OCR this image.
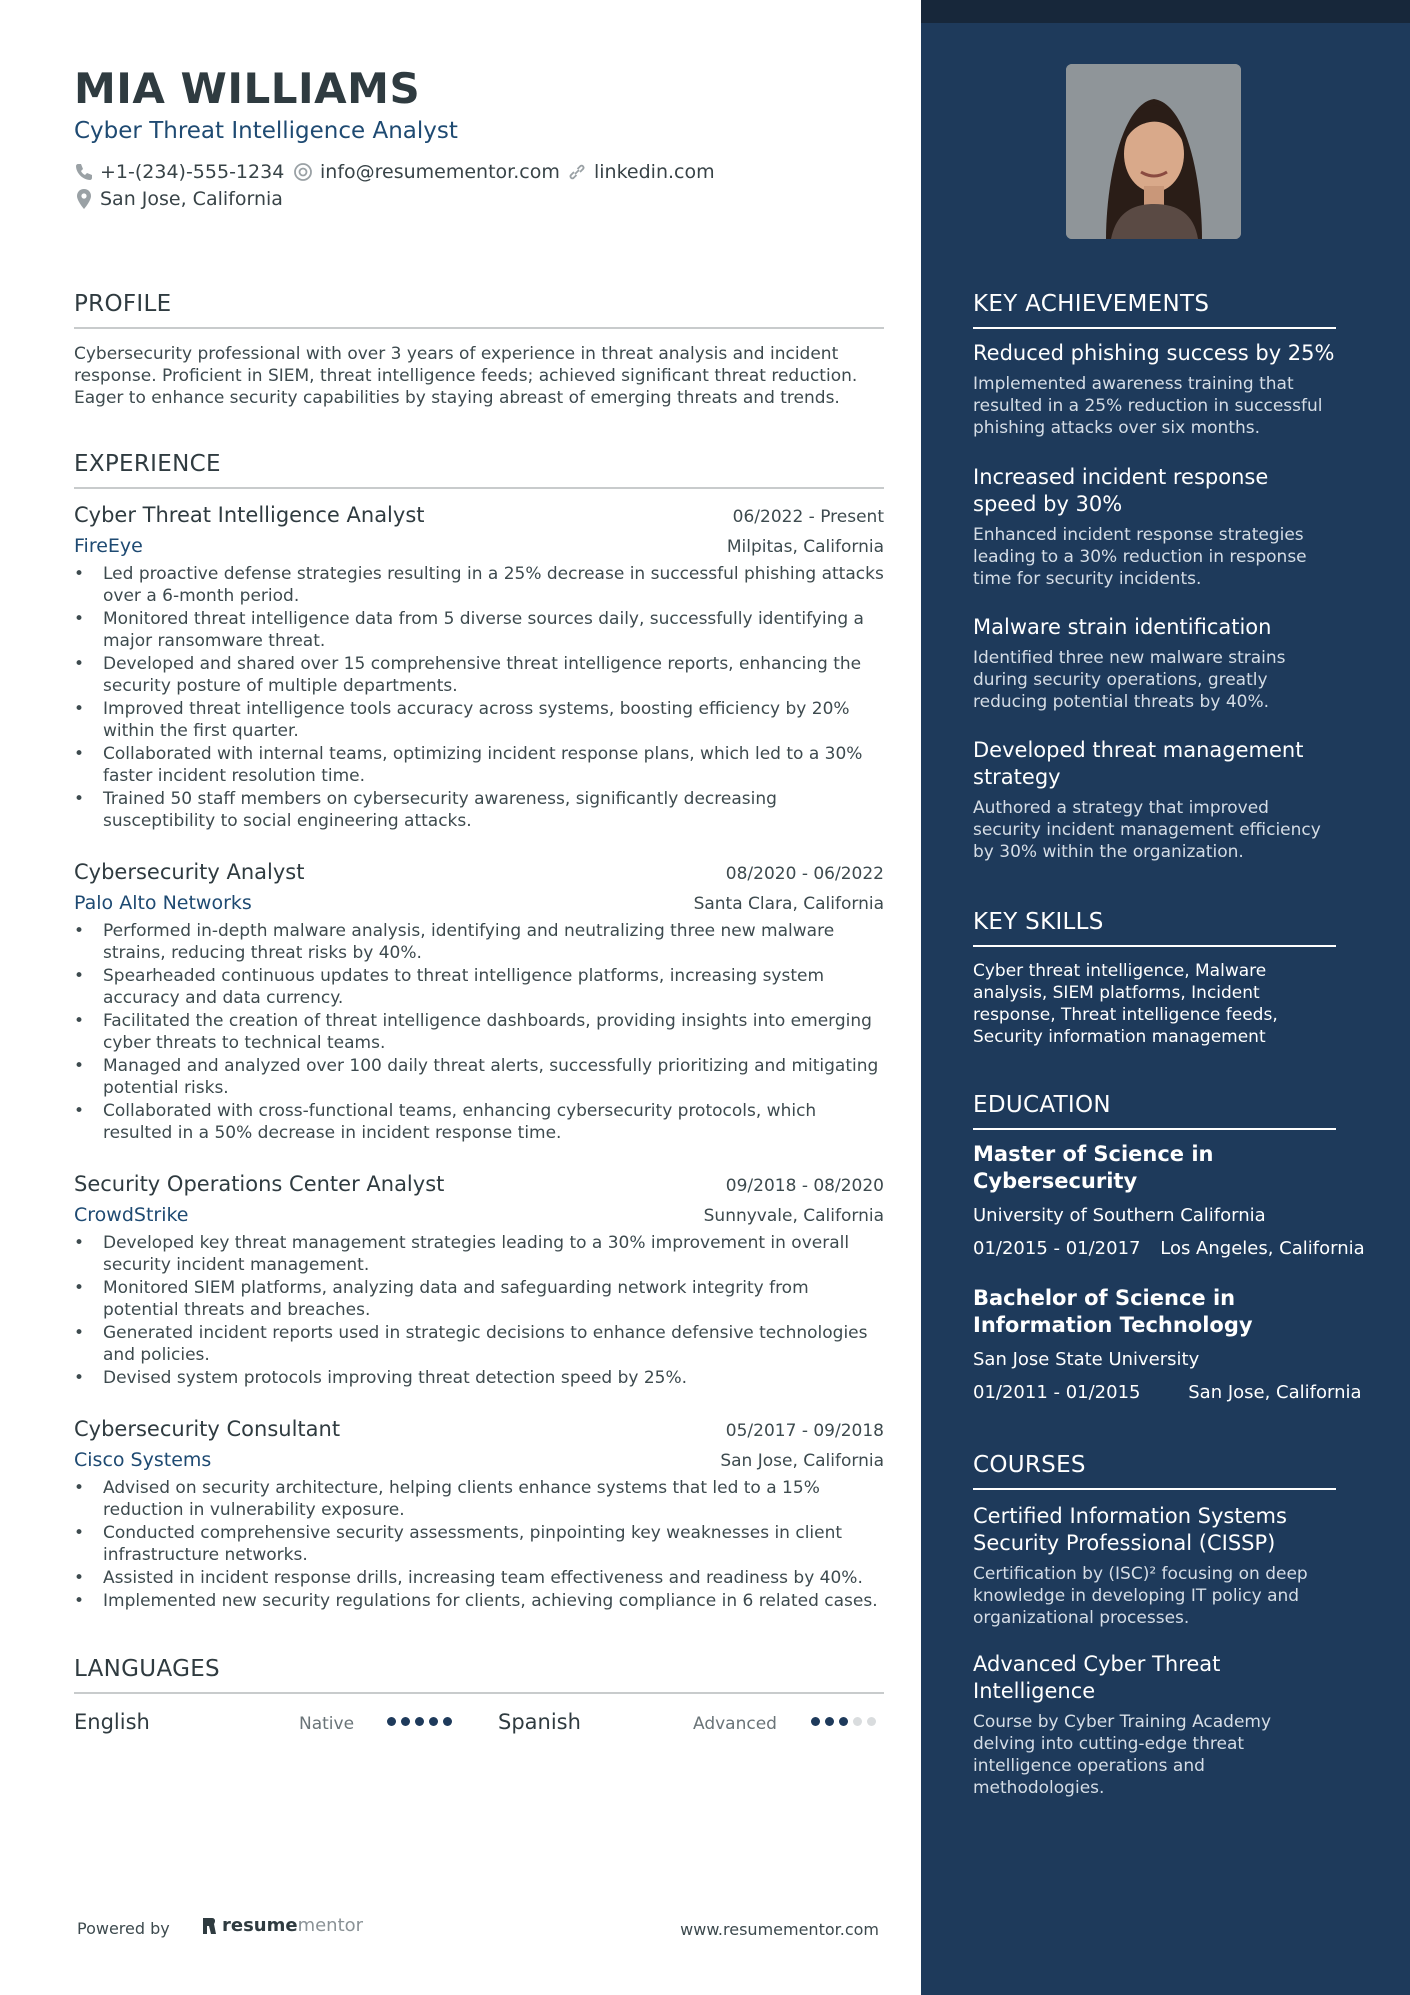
MIA WILLIAMS
Cyber Threat Intelligence Analyst
+1-(234)-555-1234 info@resumementor.com linkedin.com
San Jose, California
PROFILE
Cybersecurity professional with over 3 years of experience in threat analysis and incident response. Proficient in SIEM, threat intelligence feeds; achieved significant threat reduction. Eager to enhance security capabilities by staying abreast of emerging threats and trends.
EXPERIENCE
Cyber Threat Intelligence Analyst	06/2022 - Present
FireEye	Milpitas, California
• Led proactive defense strategies resulting in a 25% decrease in successful phishing attacks over a 6-month period.
• Monitored threat intelligence data from 5 diverse sources daily, successfully identifying a major ransomware threat.
• Developed and shared over 15 comprehensive threat intelligence reports, enhancing the security posture of multiple departments.
• Improved threat intelligence tools accuracy across systems, boosting efficiency by 20% within the first quarter.
• Collaborated with internal teams, optimizing incident response plans, which led to a 30% faster incident resolution time.
• Trained 50 staff members on cybersecurity awareness, significantly decreasing susceptibility to social engineering attacks.
Cybersecurity Analyst	08/2020 - 06/2022
Palo Alto Networks	Santa Clara, California
• Performed in-depth malware analysis, identifying and neutralizing three new malware strains, reducing threat risks by 40%.
• Spearheaded continuous updates to threat intelligence platforms, increasing system accuracy and data currency.
• Facilitated the creation of threat intelligence dashboards, providing insights into emerging cyber threats to technical teams.
• Managed and analyzed over 100 daily threat alerts, successfully prioritizing and mitigating potential risks.
• Collaborated with cross-functional teams, enhancing cybersecurity protocols, which resulted in a 50% decrease in incident response time.
Security Operations Center Analyst	09/2018 - 08/2020
CrowdStrike	Sunnyvale, California
• Developed key threat management strategies leading to a 30% improvement in overall security incident management.
• Monitored SIEM platforms, analyzing data and safeguarding network integrity from potential threats and breaches.
• Generated incident reports used in strategic decisions to enhance defensive technologies and policies.
• Devised system protocols improving threat detection speed by 25%.
Cybersecurity Consultant	05/2017 - 09/2018
Cisco Systems	San Jose, California
• Advised on security architecture, helping clients enhance systems that led to a 15% reduction in vulnerability exposure.
• Conducted comprehensive security assessments, pinpointing key weaknesses in client infrastructure networks.
• Assisted in incident response drills, increasing team effectiveness and readiness by 40%.
• Implemented new security regulations for clients, achieving compliance in 6 related cases.
LANGUAGES
English	Native	Spanish	Advanced
Powered by	resume mentor	www.resumementor.com
KEY ACHIEVEMENTS
Reduced phishing success by 25%
Implemented awareness training that resulted in a 25% reduction in successful phishing attacks over six months.
Increased incident response speed by 30%
Enhanced incident response strategies leading to a 30% reduction in response time for security incidents.
Malware strain identification
Identified three new malware strains during security operations, greatly reducing potential threats by 40%.
Developed threat management strategy
Authored a strategy that improved security incident management efficiency by 30% within the organization.
KEY SKILLS
Cyber threat intelligence, Malware analysis, SIEM platforms, Incident response, Threat intelligence feeds, Security information management
EDUCATION
Master of Science in Cybersecurity
University of Southern California
01/2015 - 01/2017 Los Angeles, California
Bachelor of Science in Information Technology
San Jose State University
01/2011 - 01/2015	San Jose, California
COURSES
Certified Information Systems Security Professional (CISSP)
Certification by (ISC)² focusing on deep knowledge in developing IT policy and organizational processes.
Advanced Cyber Threat Intelligence
Course by Cyber Training Academy delving into cutting-edge threat intelligence operations and methodologies.
